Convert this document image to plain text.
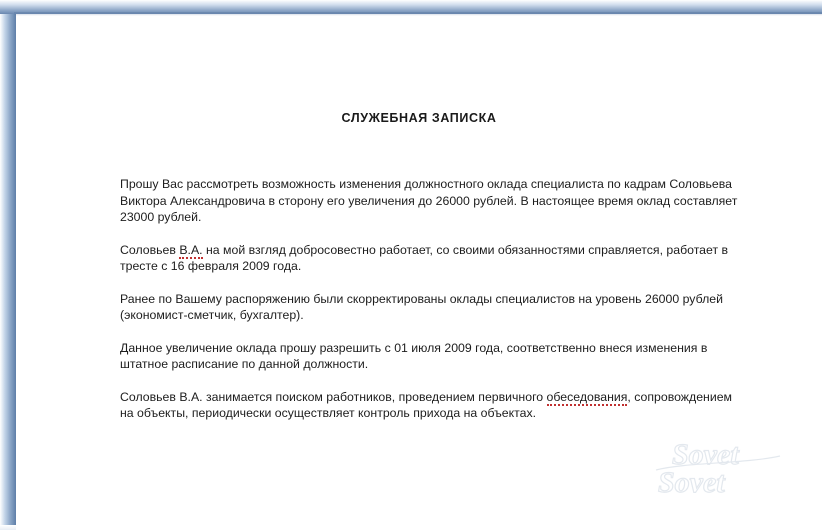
СЛУЖЕБНАЯ ЗАПИСКА

Прошу Вас рассмотреть возможность изменения должностного оклада специалиста по кадрам Соловьева Виктора Александровича в сторону его увеличения до 26000 рублей. В настоящее время оклад составляет 23000 рублей.

Соловьев В.А. на мой взгляд добросовестно работает, со своими обязанностями справляется, работает в тресте с 16 февраля 2009 года.

Ранее по Вашему распоряжению были скорректированы оклады специалистов на уровень 26000 рублей (экономист-сметчик, бухгалтер).

Данное увеличение оклада прошу разрешить с 01 июля 2009 года, соответственно внеся изменения в штатное расписание по данной должности.

Соловьев В.А. занимается поиском работников, проведением первичного обеседования, сопровождением на объекты, периодически осуществляет контроль прихода на объектах.

Sovet
Sovet
